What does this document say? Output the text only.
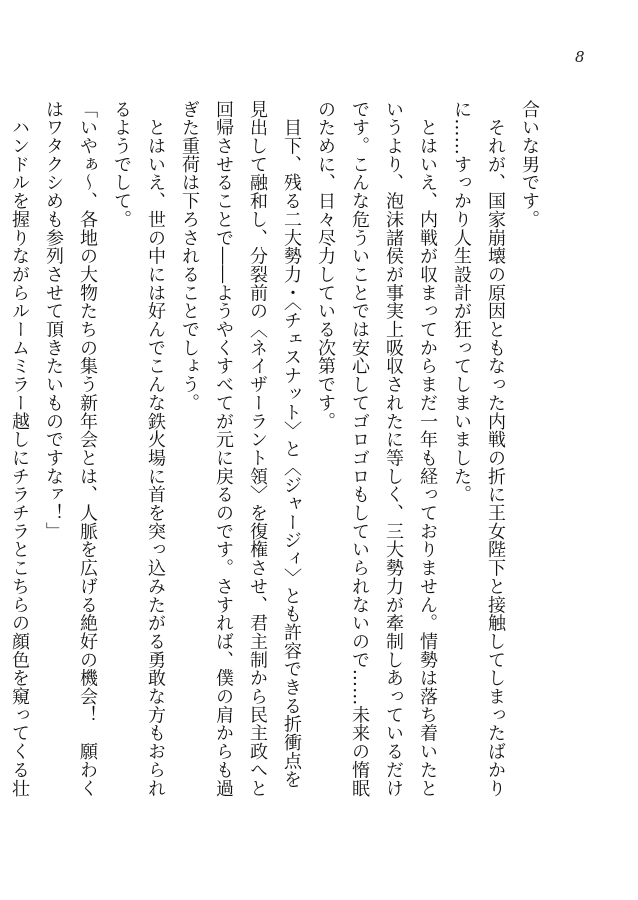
8
合いな男です。
　それが、国家崩壊の原因ともなった内戦の折に王女陛下と接触してしまったばかり
に……すっかり人生設計が狂ってしまいました。
　とはいえ、内戦が収まってからまだ一年も経っておりません。情勢は落ち着いたと
いうより、泡沫諸侯が事実上吸収されたに等しく、三大勢力が牽制しあっているだけ
です。こんな危ういことでは安心してゴロゴロもしていられないので……未来の惰眠
のために、日々尽力している次第です。
　目下、残る二大勢力・〈チェスナット〉と〈ジャージィ〉とも許容できる折衝点を
見出して融和し、分裂前の〈ネイザーラント領〉を復権させ、君主制から民主政へと
回帰させることで――ようやくすべてが元に戻るのです。さすれば、僕の肩からも過
ぎた重荷は下ろされることでしょう。
　とはいえ、世の中には好んでこんな鉄火場に首を突っ込みたがる勇敢な方もおられ
るようでして。
「いやぁ～、各地の大物たちの集う新年会とは、人脈を広げる絶好の機会！　願わく
はワタクシめも参列させて頂きたいものですなァ！」
　ハンドルを握りながらルームミラー越しにチラチラとこちらの顔色を窺ってくる壮
